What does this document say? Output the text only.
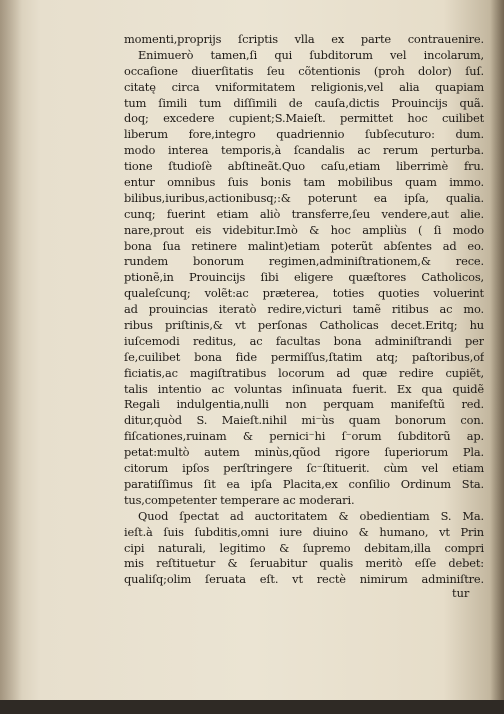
momenti,proprijs ſcriptis vlla ex parte contrauenire.
Enimuerò tamen,ſi qui ſubditorum vel incolarum,
occaſione diuerſitatis ſeu cõtentionis (proh dolor) ſuſ.
citatę circa vniformitatem religionis,vel alia quapiam
tum ſimili tum diſſimili de cauſa,dictis Prouincijs quã.
doq; excedere cupient;S.Maieſt. permittet hoc cuilibet
liberum fore,integro quadriennio ſubſecuturo: dum.
modo interea temporis,à ſcandalis ac rerum perturba.
tione ſtudioſè abſtineãt.Quo caſu,etiam liberrimè fru.
entur omnibus ſuis bonis tam mobilibus quam immo.
bilibus,iuribus,actionibusq;:& poterunt ea ipſa, qualia.
cunq; fuerint etiam aliò transferre,ſeu vendere,aut alie.
nare,prout eis videbitur.Imò & hoc ampliùs ( ſi modo
bona ſua retinere malint)etiam poterũt abſentes ad eo.
rundem bonorum regimen,adminiſtrationem,& rece.
ptionẽ,in Prouincijs ſibi eligere quæſtores Catholicos,
qualeſcunq; volẽt:ac præterea, toties quoties voluerint
ad prouincias iteratò redire,victuri tamẽ ritibus ac mo.
ribus priſtinis,& vt perſonas Catholicas decet.Eritq; hu
iuſcemodi reditus, ac facultas bona adminiſtrandi per
ſe,cuilibet bona fide permiſſus,ſtatim atq; paſtoribus,of
ficiatis,ac magiſtratibus locorum ad quæ redire cupiẽt,
talis intentio ac voluntas inſinuata fuerit. Ex qua quidẽ
Regali indulgentia,nulli non perquam manifeſtũ red.
ditur,quòd S. Maieſt.nihil mi⁻ùs quam bonorum con.
fiſcationes,ruinam & pernici⁻hi ſ⁻orum ſubditorũ ap.
petat:multò autem minùs,qũod rigore ſuperiorum Pla.
citorum ipſos perſtringere ſc⁻ſtituerit. cùm vel etiam
paratiſſimus ſit ea ipſa Placita,ex conſilio Ordinum Sta.
tus,competenter temperare ac moderari.
Quod ſpectat ad auctoritatem & obedientiam S. Ma.
ieſt.à ſuis ſubditis,omni iure diuino & humano, vt Prin
cipi naturali, legitimo & ſupremo debitam,illa compri
mis reſtituetur & ſeruabitur qualis meritò eſſe debet:
qualiſq;olim ſeruata eſt. vt rectè nimirum adminiſtre.
tur
